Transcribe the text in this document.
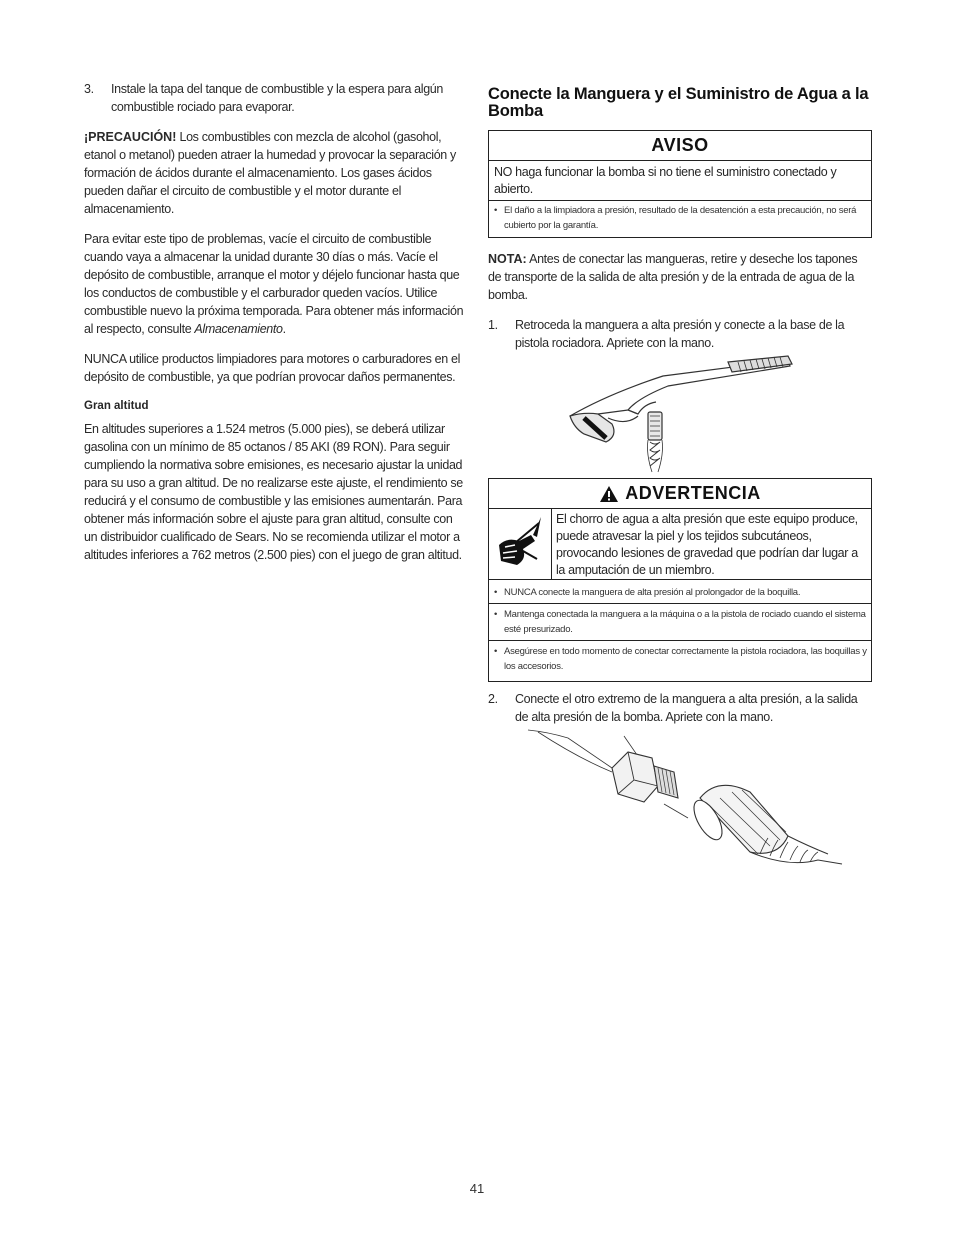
3.	Instale la tapa del tanque de combustible y la espera para algún combustible rociado para evaporar.

¡PRECAUCIÓN! Los combustibles con mezcla de alcohol (gasohol, etanol o metanol) pueden atraer la humedad y provocar la separación y formación de ácidos durante el almacenamiento. Los gases ácidos pueden dañar el circuito de combustible y el motor durante el almacenamiento.

Para evitar este tipo de problemas, vacíe el circuito de combustible cuando vaya a almacenar la unidad durante 30 días o más. Vacíe el depósito de combustible, arranque el motor y déjelo funcionar hasta que los conductos de combustible y el carburador queden vacíos. Utilice combustible nuevo la próxima temporada. Para obtener más información al respecto, consulte Almacenamiento.

NUNCA utilice productos limpiadores para motores o carburadores en el depósito de combustible, ya que podrían provocar daños permanentes.

Gran altitud

En altitudes superiores a 1.524 metros (5.000 pies), se deberá utilizar gasolina con un mínimo de 85 octanos / 85 AKI (89 RON). Para seguir cumpliendo la normativa sobre emisiones, es necesario ajustar la unidad para su uso a gran altitud. De no realizarse este ajuste, el rendimiento se reducirá y el consumo de combustible y las emisiones aumentarán. Para obtener más información sobre el ajuste para gran altitud, consulte con un distribuidor cualificado de Sears. No se recomienda utilizar el motor a altitudes inferiores a 762 metros (2.500 pies) con el juego de gran altitud.

Conecte la Manguera y el Suministro de Agua a la Bomba
AVISO
NO haga funcionar la bomba si no tiene el suministro conectado y abierto.
• El daño a la limpiadora a presión, resultado de la desatención a esta precaución, no será cubierto por la garantía.

NOTA: Antes de conectar las mangueras, retire y deseche los tapones de transporte de la salida de alta presión y de la entrada de agua de la bomba.

1.	Retroceda la manguera a alta presión y conecte a la base de la pistola rociadora. Apriete con la mano.
ADVERTENCIA
El chorro de agua a alta presión que este equipo produce, puede atravesar la piel y los tejidos subcutáneos, provocando lesiones de gravedad que podrían dar lugar a la amputación de un miembro.
• NUNCA conecte la manguera de alta presión al prolongador de la boquilla.
• Mantenga conectada la manguera a la máquina o a la pistola de rociado cuando el sistema esté presurizado.
• Asegúrese en todo momento de conectar correctamente la pistola rociadora, las boquillas y los accesorios.
2.	Conecte el otro extremo de la manguera a alta presión, a la salida de alta presión de la bomba. Apriete con la mano.
41
